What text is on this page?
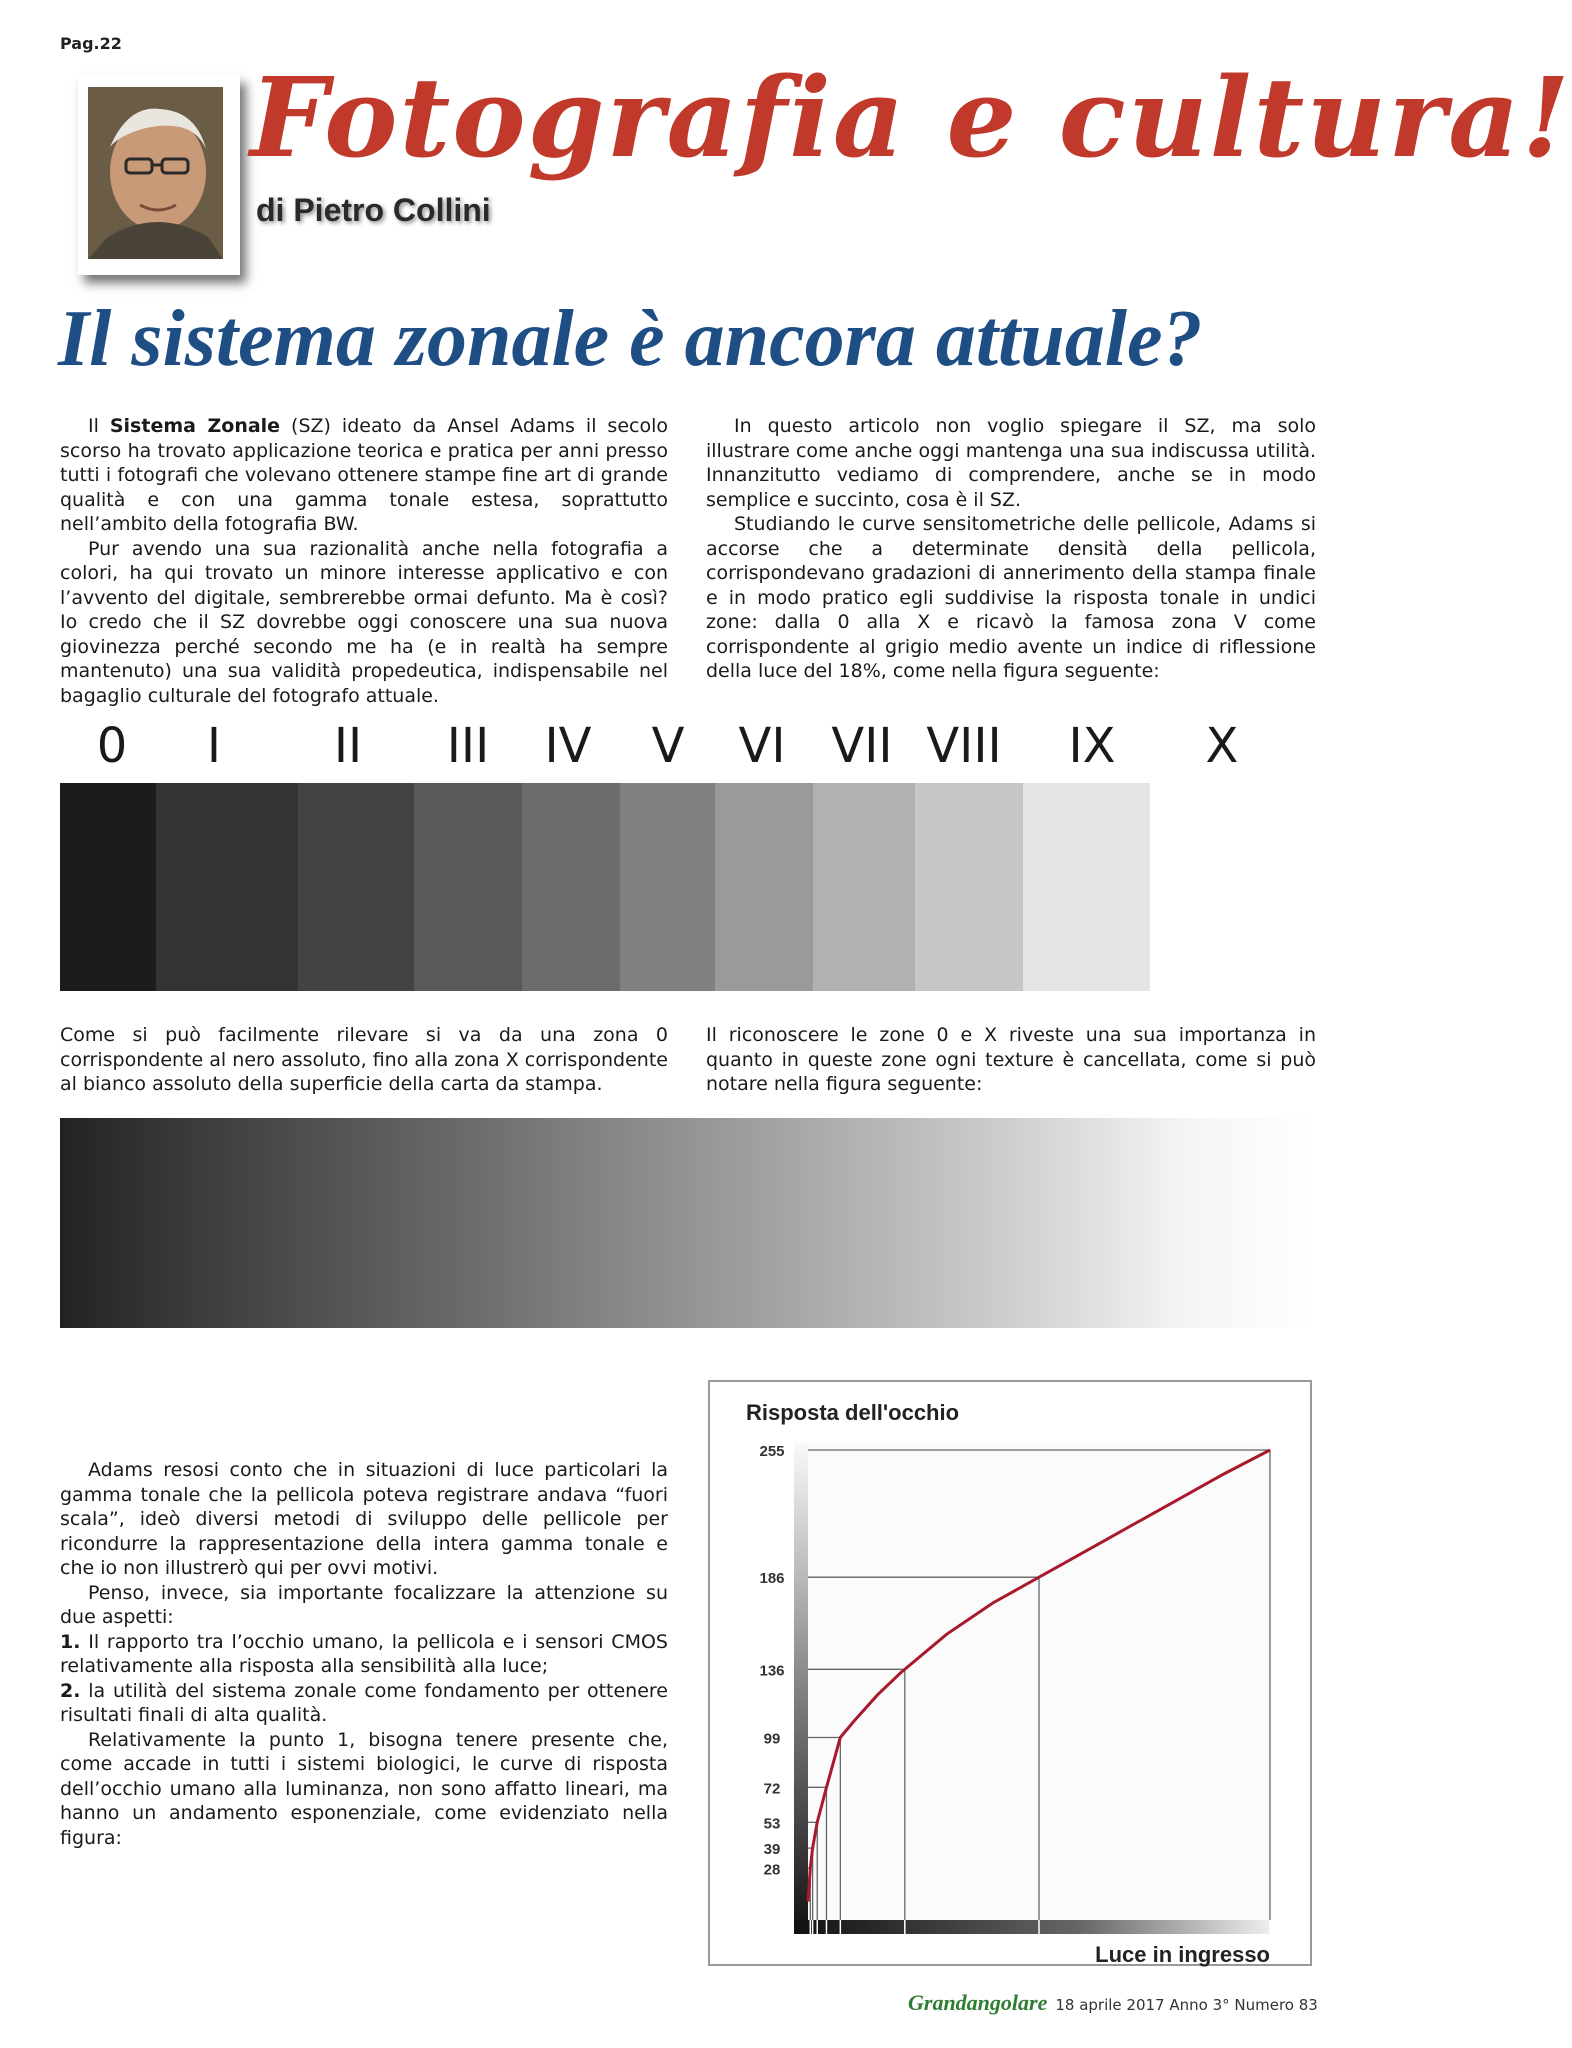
Pag.22
Fotografia e cultura!
di Pietro Collini
Il sistema zonale è ancora attuale?

Il Sistema Zonale (SZ) ideato da Ansel Adams il secolo scorso ha trovato applicazione teorica e pratica per anni presso tutti i fotografi che volevano ottenere stampe fine art di grande qualità e con una gamma tonale estesa, soprattutto nell’ambito della fotografia BW.

Pur avendo una sua razionalità anche nella fotografia a colori, ha qui trovato un minore interesse applicativo e con l’avvento del digitale, sembrerebbe ormai defunto. Ma è così? Io credo che il SZ dovrebbe oggi conoscere una sua nuova giovinezza perché secondo me ha (e in realtà ha sempre mantenuto) una sua validità propedeutica, indispensabile nel bagaglio culturale del fotografo attuale.

In questo articolo non voglio spiegare il SZ, ma solo illustrare come anche oggi mantenga una sua indiscussa utilità. Innanzitutto vediamo di comprendere, anche se in modo semplice e succinto, cosa è il SZ.

Studiando le curve sensitometriche delle pellicole, Adams si accorse che a determinate densità della pellicola, corrispondevano gradazioni di annerimento della stampa finale e in modo pratico egli suddivise la risposta tonale in undici zone: dalla 0 alla X e ricavò la famosa zona V come corrispondente al grigio medio avente un indice di riflessione della luce del 18%, come nella figura seguente:

0 I II III IV V VI VII VIII IX X

Come si può facilmente rilevare si va da una zona 0 corrispondente al nero assoluto, fino alla zona X corrispondente al bianco assoluto della superficie della carta da stampa.

Il riconoscere le zone 0 e X riveste una sua importanza in quanto in queste zone ogni texture è cancellata, come si può notare nella figura seguente:

Adams resosi conto che in situazioni di luce particolari la gamma tonale che la pellicola poteva registrare andava “fuori scala”, ideò diversi metodi di sviluppo delle pellicole per ricondurre la rappresentazione della intera gamma tonale e che io non illustrerò qui per ovvi motivi.

Penso, invece, sia importante focalizzare la attenzione su due aspetti:

1. Il rapporto tra l’occhio umano, la pellicola e i sensori CMOS relativamente alla risposta alla sensibilità alla luce;

2. la utilità del sistema zonale come fondamento per ottenere risultati finali di alta qualità.

Relativamente la punto 1, bisogna tenere presente che, come accade in tutti i sistemi biologici, le curve di risposta dell’occhio umano alla luminanza, non sono affatto lineari, ma hanno un andamento esponenziale, come evidenziato nella figura:

Risposta dell'occhio
255
186
136
99
72
53
39
28
Luce in ingresso
Grandangolare 18 aprile 2017 Anno 3° Numero 83
